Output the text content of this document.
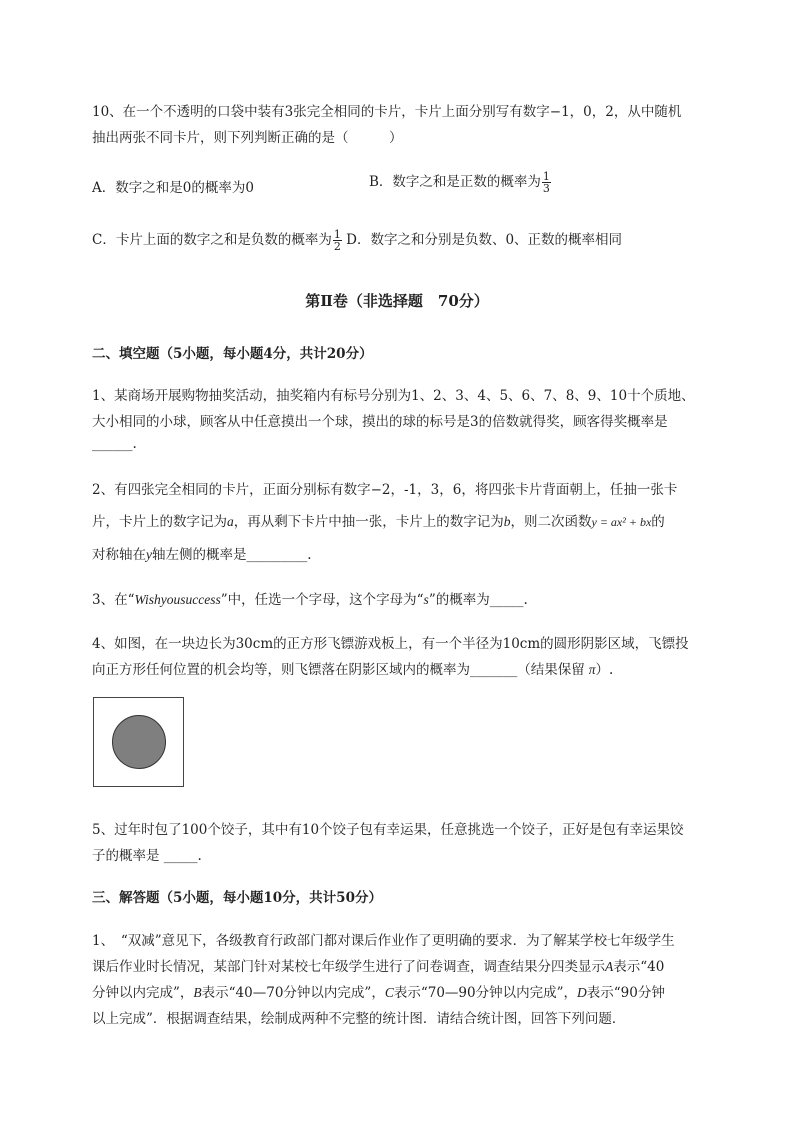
10、在一个不透明的口袋中装有3张完全相同的卡片，卡片上面分别写有数字−1，0，2，从中随机
抽出两张不同卡片，则下列判断正确的是（　　　）
A．数字之和是0的概率为0	B．数字之和是正数的概率为 $\frac{1}{3}$
C．卡片上面的数字之和是负数的概率为 $\frac{1}{2}$ D．数字之和分别是负数、0、正数的概率相同
第Ⅱ卷（非选择题　70分）
二、填空题（5小题，每小题4分，共计20分）
1、某商场开展购物抽奖活动，抽奖箱内有标号分别为1、2、3、4、5、6、7、8、9、10十个质地、
大小相同的小球，顾客从中任意摸出一个球，摸出的球的标号是3的倍数就得奖，顾客得奖概率是
______.
2、有四张完全相同的卡片，正面分别标有数字−2，-1，3，6，将四张卡片背面朝上，任抽一张卡
片，卡片上的数字记为a，再从剩下卡片中抽一张，卡片上的数字记为b，则二次函数y = ax² + bx的
对称轴在y轴左侧的概率是_________.
3、在“Wishyousuccess”中，任选一个字母，这个字母为“s”的概率为_____.
4、如图，在一块边长为30cm的正方形飞镖游戏板上，有一个半径为10cm的圆形阴影区域，飞镖投
向正方形任何位置的机会均等，则飞镖落在阴影区域内的概率为_______（结果保留 π）.
5、过年时包了100个饺子，其中有10个饺子包有幸运果，任意挑选一个饺子，正好是包有幸运果饺
子的概率是 _____.
三、解答题（5小题，每小题10分，共计50分）
1、　“双减”意见下，各级教育行政部门都对课后作业作了更明确的要求．为了解某学校七年级学生
课后作业时长情况，某部门针对某校七年级学生进行了问卷调查，调查结果分四类显示A表示“40
分钟以内完成”，B表示“40—70分钟以内完成”，C表示“70—90分钟以内完成”，D表示“90分钟
以上完成”．根据调查结果，绘制成两种不完整的统计图．请结合统计图，回答下列问题．
